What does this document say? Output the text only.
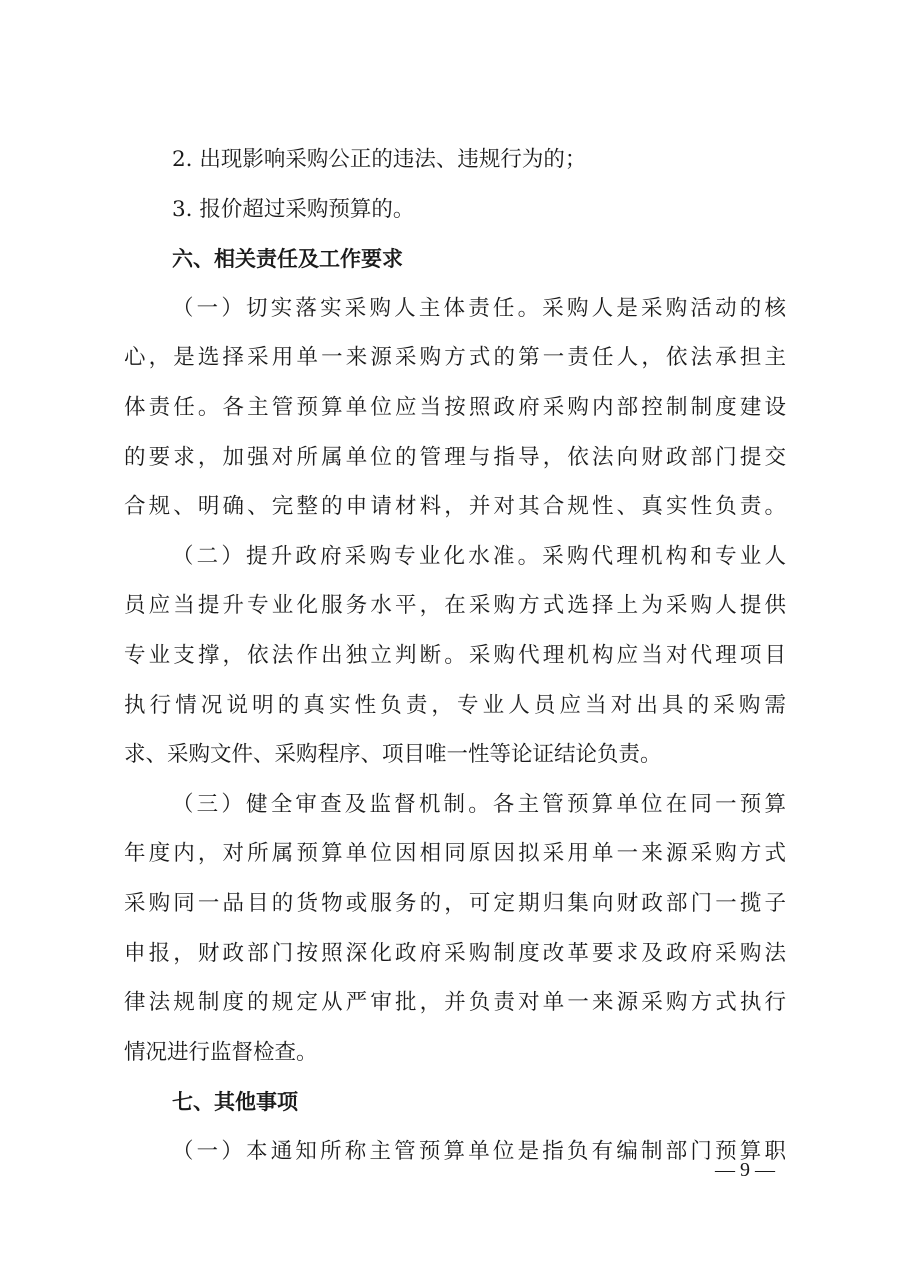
2. 出现影响采购公正的违法、违规行为的；
3. 报价超过采购预算的。
六、相关责任及工作要求
（一）切实落实采购人主体责任。采购人是采购活动的核
心，是选择采用单一来源采购方式的第一责任人，依法承担主
体责任。各主管预算单位应当按照政府采购内部控制制度建设
的要求，加强对所属单位的管理与指导，依法向财政部门提交
合规、明确、完整的申请材料，并对其合规性、真实性负责。
（二）提升政府采购专业化水准。采购代理机构和专业人
员应当提升专业化服务水平，在采购方式选择上为采购人提供
专业支撑，依法作出独立判断。采购代理机构应当对代理项目
执行情况说明的真实性负责，专业人员应当对出具的采购需
求、采购文件、采购程序、项目唯一性等论证结论负责。
（三）健全审查及监督机制。各主管预算单位在同一预算
年度内，对所属预算单位因相同原因拟采用单一来源采购方式
采购同一品目的货物或服务的，可定期归集向财政部门一揽子
申报，财政部门按照深化政府采购制度改革要求及政府采购法
律法规制度的规定从严审批，并负责对单一来源采购方式执行
情况进行监督检查。
七、其他事项
— 9 —
（一）本通知所称主管预算单位是指负有编制部门预算职
